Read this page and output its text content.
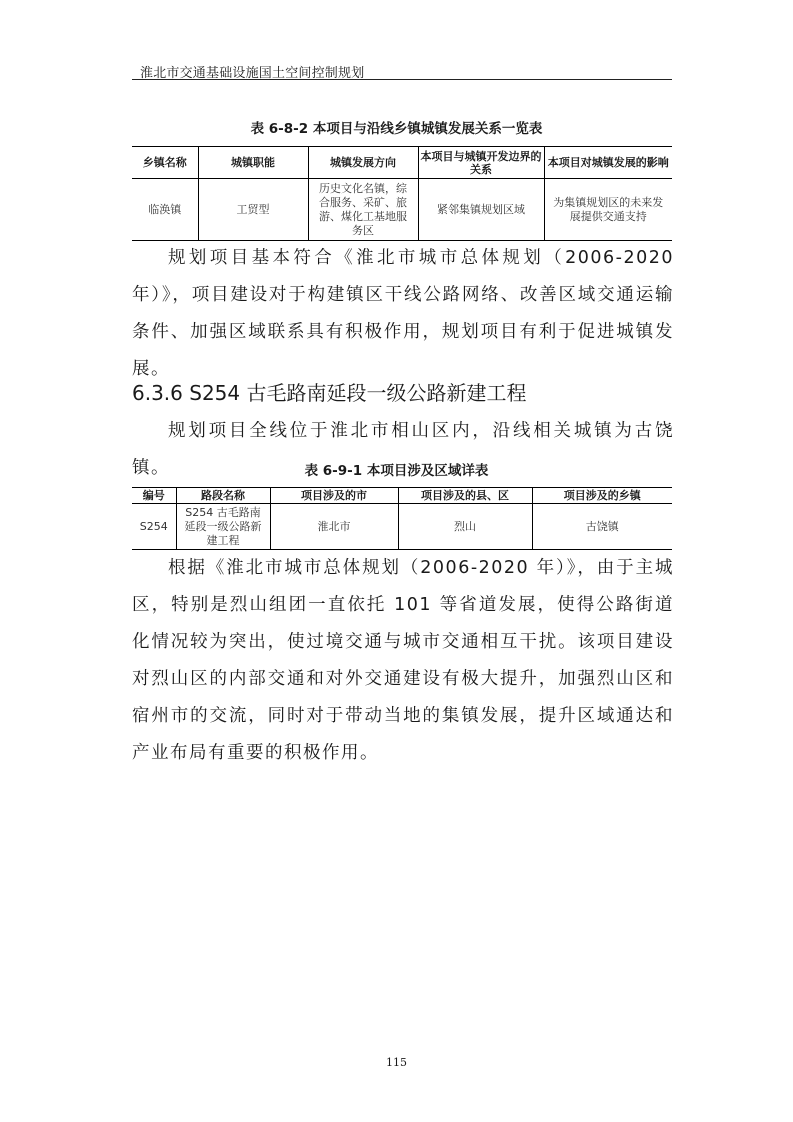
淮北市交通基础设施国土空间控制规划
表 6-8-2 本项目与沿线乡镇城镇发展关系一览表
乡镇名称	城镇职能	城镇发展方向	本项目与城镇开发边界的关系	本项目对城镇发展的影响
临涣镇	工贸型	历史文化名镇，综合服务、采矿、旅游、煤化工基地服务区	紧邻集镇规划区域	为集镇规划区的未来发展提供交通支持

规划项目基本符合《淮北市城市总体规划（2006-2020 年）》，项目建设对于构建镇区干线公路网络、改善区域交通运输条件、加强区域联系具有积极作用，规划项目有利于促进城镇发展。

6.3.6 S254 古毛路南延段一级公路新建工程

规划项目全线位于淮北市相山区内，沿线相关城镇为古饶镇。	表 6-9-1 本项目涉及区域详表
编号	路段名称	项目涉及的市	项目涉及的县、区	项目涉及的乡镇
S254	S254 古毛路南延段一级公路新建工程	淮北市	烈山	古饶镇

根据《淮北市城市总体规划（2006-2020 年）》，由于主城区，特别是烈山组团一直依托 101 等省道发展，使得公路街道化情况较为突出，使过境交通与城市交通相互干扰。该项目建设对烈山区的内部交通和对外交通建设有极大提升，加强烈山区和宿州市的交流，同时对于带动当地的集镇发展，提升区域通达和产业布局有重要的积极作用。

115
